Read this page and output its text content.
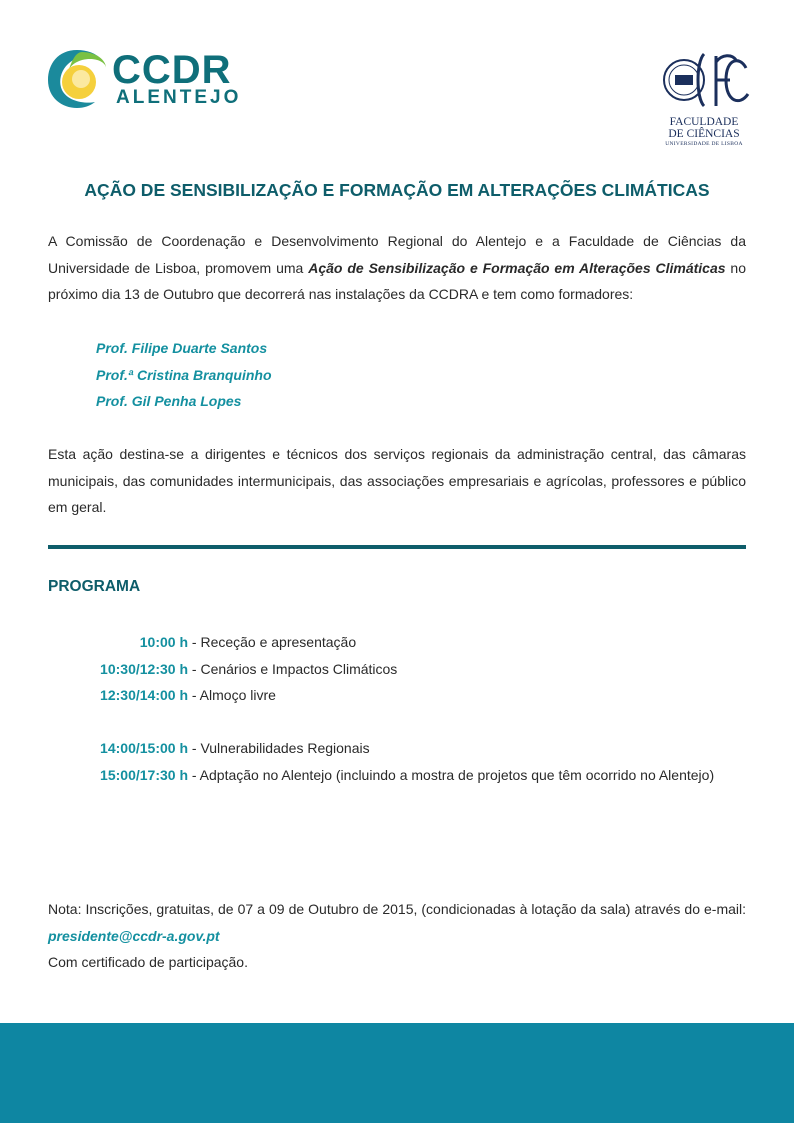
CCDR
ALENTEJO
FACULDADE
DE CIÊNCIAS
UNIVERSIDADE DE LISBOA
AÇÃO DE SENSIBILIZAÇÃO E FORMAÇÃO EM ALTERAÇÕES CLIMÁTICAS

A Comissão de Coordenação e Desenvolvimento Regional do Alentejo e a Faculdade de Ciências da Universidade de Lisboa, promovem uma Ação de Sensibilização e Formação em Alterações Climáticas no próximo dia 13 de Outubro que decorrerá nas instalações da CCDRA e tem como formadores:

Prof. Filipe Duarte Santos
Prof.ª Cristina Branquinho
Prof. Gil Penha Lopes

Esta ação destina-se a dirigentes e técnicos dos serviços regionais da administração central, das câmaras municipais, das comunidades intermunicipais, das associações empresariais e agrícolas, professores e público em geral.

PROGRAMA
10:00 h - Receção e apresentação
10:30/12:30 h - Cenários e Impactos Climáticos
12:30/14:00 h - Almoço livre
14:00/15:00 h - Vulnerabilidades Regionais
15:00/17:30 h - Adptação no Alentejo (incluindo a mostra de projetos que têm ocorrido no Alentejo)

Nota: Inscrições, gratuitas, de 07 a 09 de Outubro de 2015, (condicionadas à lotação da sala) através do e-mail: presidente@ccdr-a.gov.pt
Com certificado de participação.
